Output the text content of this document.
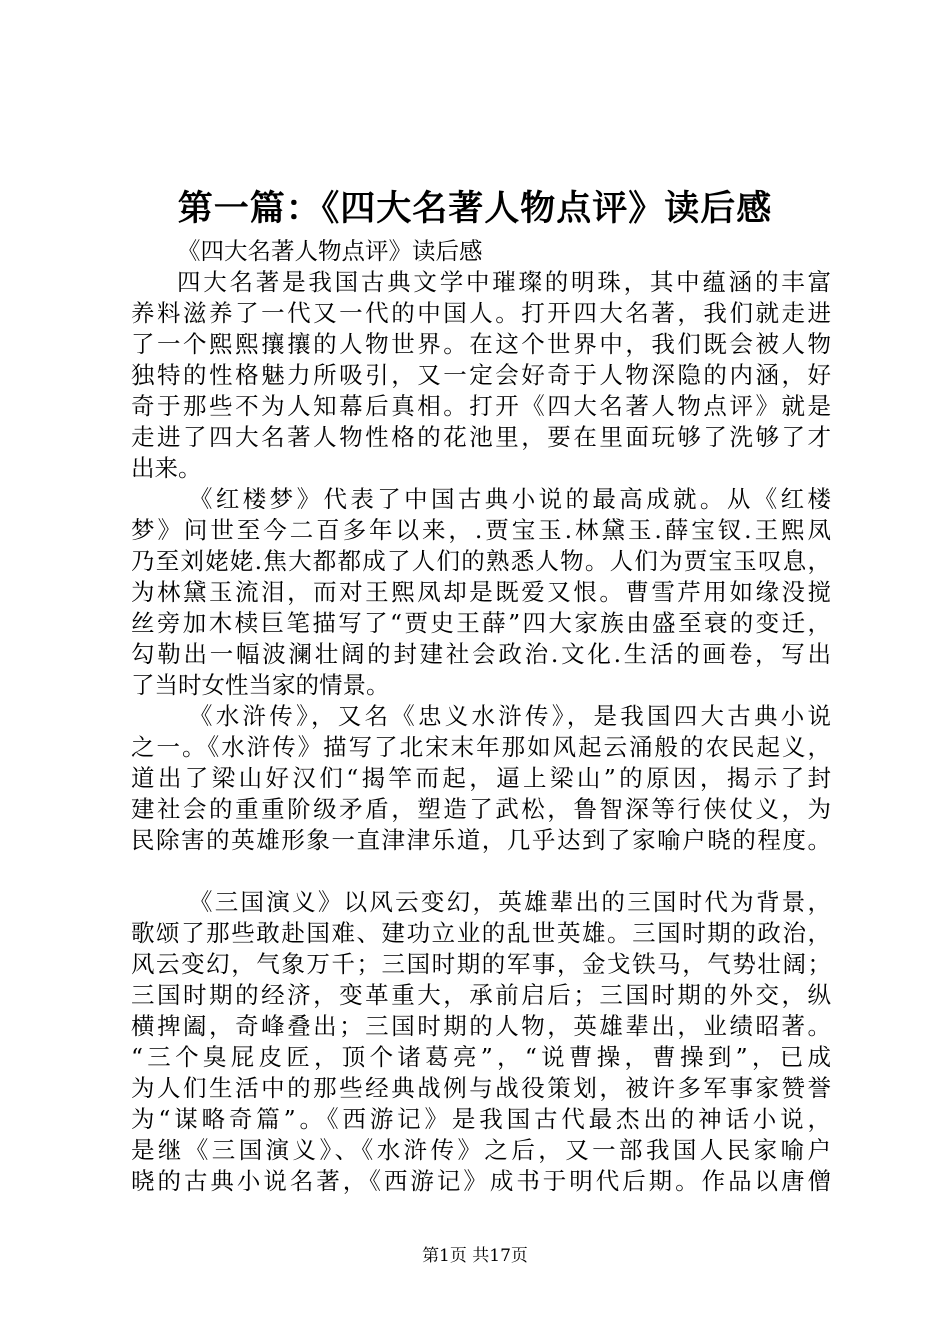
第一篇：《四大名著人物点评》读后感
《四大名著人物点评》读后感
四大名著是我国古典文学中璀璨的明珠，其中蕴涵的丰富
养料滋养了一代又一代的中国人。打开四大名著，我们就走进
了一个熙熙攘攘的人物世界。在这个世界中，我们既会被人物
独特的性格魅力所吸引，又一定会好奇于人物深隐的内涵，好
奇于那些不为人知幕后真相。打开《四大名著人物点评》就是
走进了四大名著人物性格的花池里，要在里面玩够了洗够了才
出来。
《红楼梦》代表了中国古典小说的最高成就。从《红楼
梦》问世至今二百多年以来，.贾宝玉.林黛玉.薛宝钗.王熙凤
乃至刘姥姥.焦大都都成了人们的熟悉人物。人们为贾宝玉叹息，
为林黛玉流泪，而对王熙凤却是既爱又恨。曹雪芹用如缘没搅
丝旁加木椟巨笔描写了“贾史王薛”四大家族由盛至衰的变迁，
勾勒出一幅波澜壮阔的封建社会政治.文化.生活的画卷，写出
了当时女性当家的情景。
《水浒传》，又名《忠义水浒传》，是我国四大古典小说
之一。《水浒传》描写了北宋末年那如风起云涌般的农民起义，
道出了梁山好汉们“揭竿而起，逼上梁山”的原因，揭示了封
建社会的重重阶级矛盾，塑造了武松，鲁智深等行侠仗义，为
民除害的英雄形象一直津津乐道，几乎达到了家喻户晓的程度。
《三国演义》以风云变幻，英雄辈出的三国时代为背景，
歌颂了那些敢赴国难、建功立业的乱世英雄。三国时期的政治，
风云变幻，气象万千；三国时期的军事，金戈铁马，气势壮阔；
三国时期的经济，变革重大，承前启后；三国时期的外交，纵
横捭阖，奇峰叠出；三国时期的人物，英雄辈出，业绩昭著。
“三个臭屁皮匠，顶个诸葛亮”，“说曹操，曹操到”，已成
为人们生活中的那些经典战例与战役策划，被许多军事家赞誉
为“谋略奇篇”。《西游记》是我国古代最杰出的神话小说，
是继《三国演义》、《水浒传》之后，又一部我国人民家喻户
晓的古典小说名著，《西游记》成书于明代后期。作品以唐僧
第1页 共17页
